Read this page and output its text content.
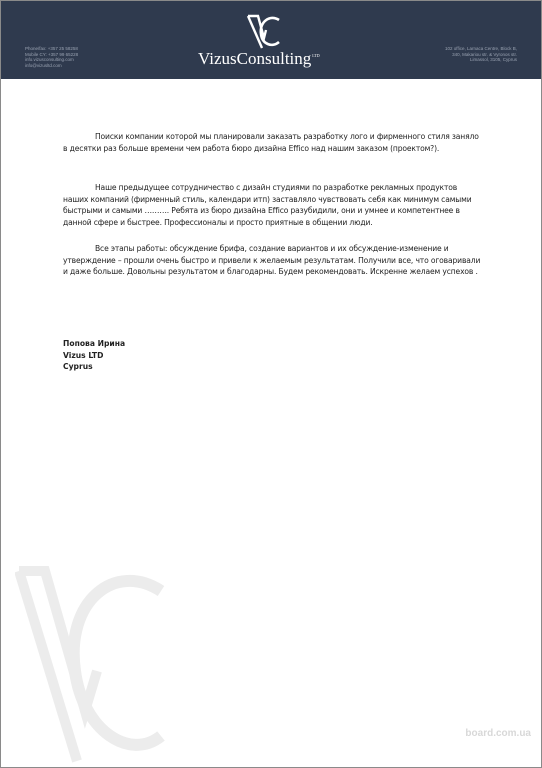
Phone/fax: +357 25 58258
Mobile CY: +357 99 65228
info.vizusconsulting.com
info@vizusltd.com	VizusConsulting$^{LTD}$
102 office, Larnaca Centre, Block B,
340, Makariou str. & Vyronos str.
Limassol, 3105, Cyprus
Поиски компании которой мы планировали заказать разработку лого и фирменного стиля заняло в десятки раз больше времени чем работа бюро дизайна Effico над нашим заказом (проектом?).
Наше предыдущее сотрудничество с дизайн студиями по разработке рекламных продуктов наших компаний (фирменный стиль, календари итп) заставляло чувствовать себя как минимум самыми быстрыми и самыми ………. Ребята из бюро дизайна Effico разубидили, они и умнее и компетентнее в данной сфере и быстрее. Профессионалы и просто приятные в общении люди.
Все этапы работы: обсуждение брифа, создание вариантов и их обсуждение-изменение и утверждение – прошли очень быстро и привели к желаемым результатам. Получили все, что оговаривали и даже больше. Довольны результатом и благодарны. Будем рекомендовать. Искренне желаем успехов .
Попова Ирина
Vizus LTD
Cyprus
board.com.ua
